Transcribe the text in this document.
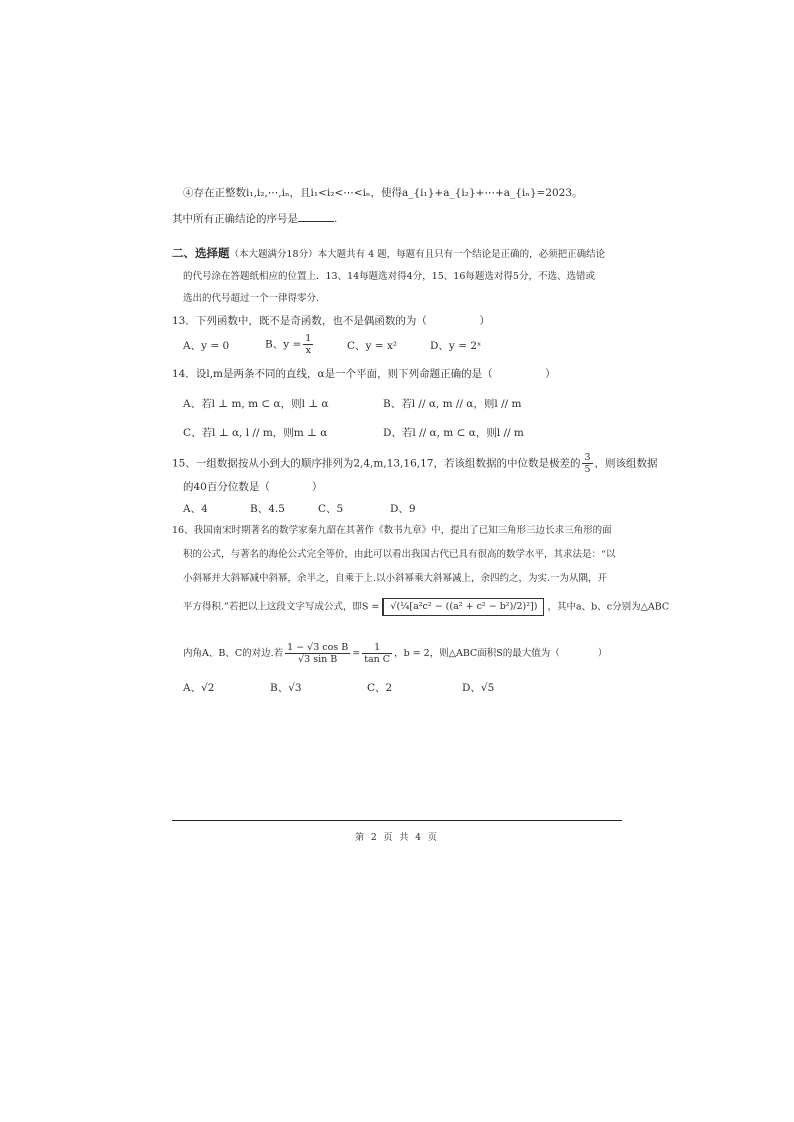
④存在正整数i₁,i₂,⋯,iₙ，且i₁<i₂<⋯<iₙ，使得a_{i₁}+a_{i₂}+⋯+a_{iₙ}=2023。
其中所有正确结论的序号是	.
二、选择题（本大题满分18分）本大题共有 4 题，每题有且只有一个结论是正确的，必须把正确结论
的代号涂在答题纸相应的位置上．13、14每题选对得4分，15、16每题选对得5分，不选、选错或
选出的代号超过一个一律得零分.
13．下列函数中，既不是奇函数，也不是偶函数的为（　　　　　）
A、y = 0	B、$y = \frac{1}{x}$	C、y = x²	D、y = 2ˣ
14．设l,m是两条不同的直线，α是一个平面，则下列命题正确的是（　　　　　）
A、若l ⊥ m, m ⊂ α，则l ⊥ α	B、若l // α, m // α，则l // m
C、若l ⊥ α, l // m，则m ⊥ α	D、若l // α, m ⊂ α，则l // m
15、一组数据按从小到大的顺序排列为2,4,m,13,16,17，若该组数据的中位数是极差的 $\frac{3}{5}$ ，则该组数据
的40百分位数是（　　　　）
A、4	B、4.5	C、5	D、9
16、我国南宋时期著名的数学家秦九韶在其著作《数书九章》中，提出了已知三角形三边长求三角形的面
积的公式，与著名的海伦公式完全等价，由此可以看出我国古代已具有很高的数学水平，其求法是：“以
小斜幂并大斜幂减中斜幂，余半之，自乘于上.以小斜幂乘大斜幂减上，余四约之，为实.一为从隅，开
平方得积.”若把以上这段文字写成公式，即S = √(¼[a²c² − ((a² + c² − b²)/2)²]) ，其中a、b、c分别为△ABC
内角A、B、C的对边.若 $\frac{\text{1 − √3 cos B}}{\text{√3 sin B}} = \frac{1}{\text{tan C}}$ ，b = 2，则△ABC面积S的最大值为（　　　　）
A、√2	B、√3	C、2	D、√5
第 2 页 共 4 页
